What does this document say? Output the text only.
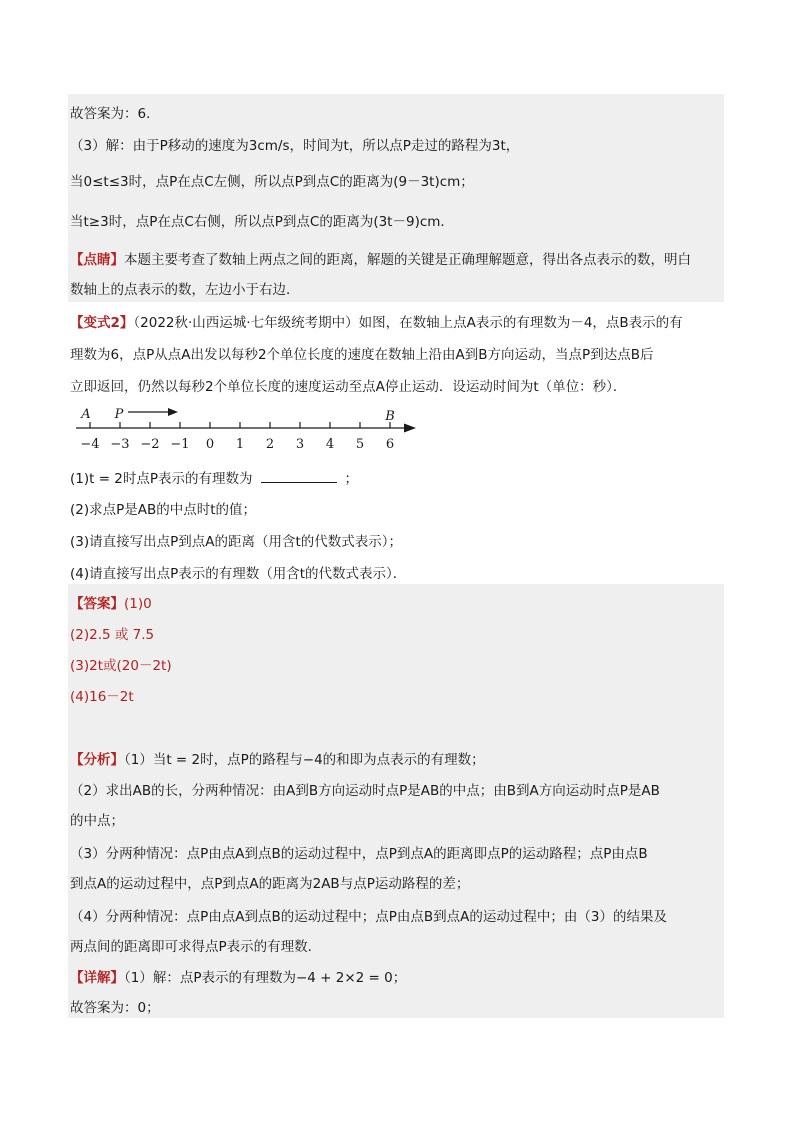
故答案为：6．
（3）解：由于P移动的速度为3cm/s，时间为t，所以点P走过的路程为3t，
当0≤t≤3时，点P在点C左侧，所以点P到点C的距离为(9－3t)cm；
当t≥3时，点P在点C右侧，所以点P到点C的距离为(3t－9)cm．
【点睛】本题主要考查了数轴上两点之间的距离，解题的关键是正确理解题意，得出各点表示的数，明白
数轴上的点表示的数，左边小于右边．
【变式2】（2022秋·山西运城·七年级统考期中）如图，在数轴上点A表示的有理数为－4，点B表示的有
理数为6，点P从点A出发以每秒2个单位长度的速度在数轴上沿由A到B方向运动，当点P到达点B后
立即返回，仍然以每秒2个单位长度的速度运动至点A停止运动．设运动时间为t（单位：秒）．
−4 −3 −2 −1 0 1 2 3 4 5 6
A P	B
(1)t = 2时点P表示的有理数为	；
(2)求点P是AB的中点时t的值；
(3)请直接写出点P到点A的距离（用含t的代数式表示）；
(4)请直接写出点P表示的有理数（用含t的代数式表示）．
【答案】(1)0
(2)2.5 或 7.5
(3)2t或(20－2t)
(4)16－2t
【分析】（1）当t = 2时，点P的路程与−4的和即为点表示的有理数；
（2）求出AB的长，分两种情况：由A到B方向运动时点P是AB的中点；由B到A方向运动时点P是AB
的中点；
（3）分两种情况：点P由点A到点B的运动过程中，点P到点A的距离即点P的运动路程；点P由点B
到点A的运动过程中，点P到点A的距离为2AB与点P运动路程的差；
（4）分两种情况：点P由点A到点B的运动过程中；点P由点B到点A的运动过程中；由（3）的结果及
两点间的距离即可求得点P表示的有理数．
【详解】（1）解：点P表示的有理数为−4 + 2×2 = 0；
故答案为：0；
